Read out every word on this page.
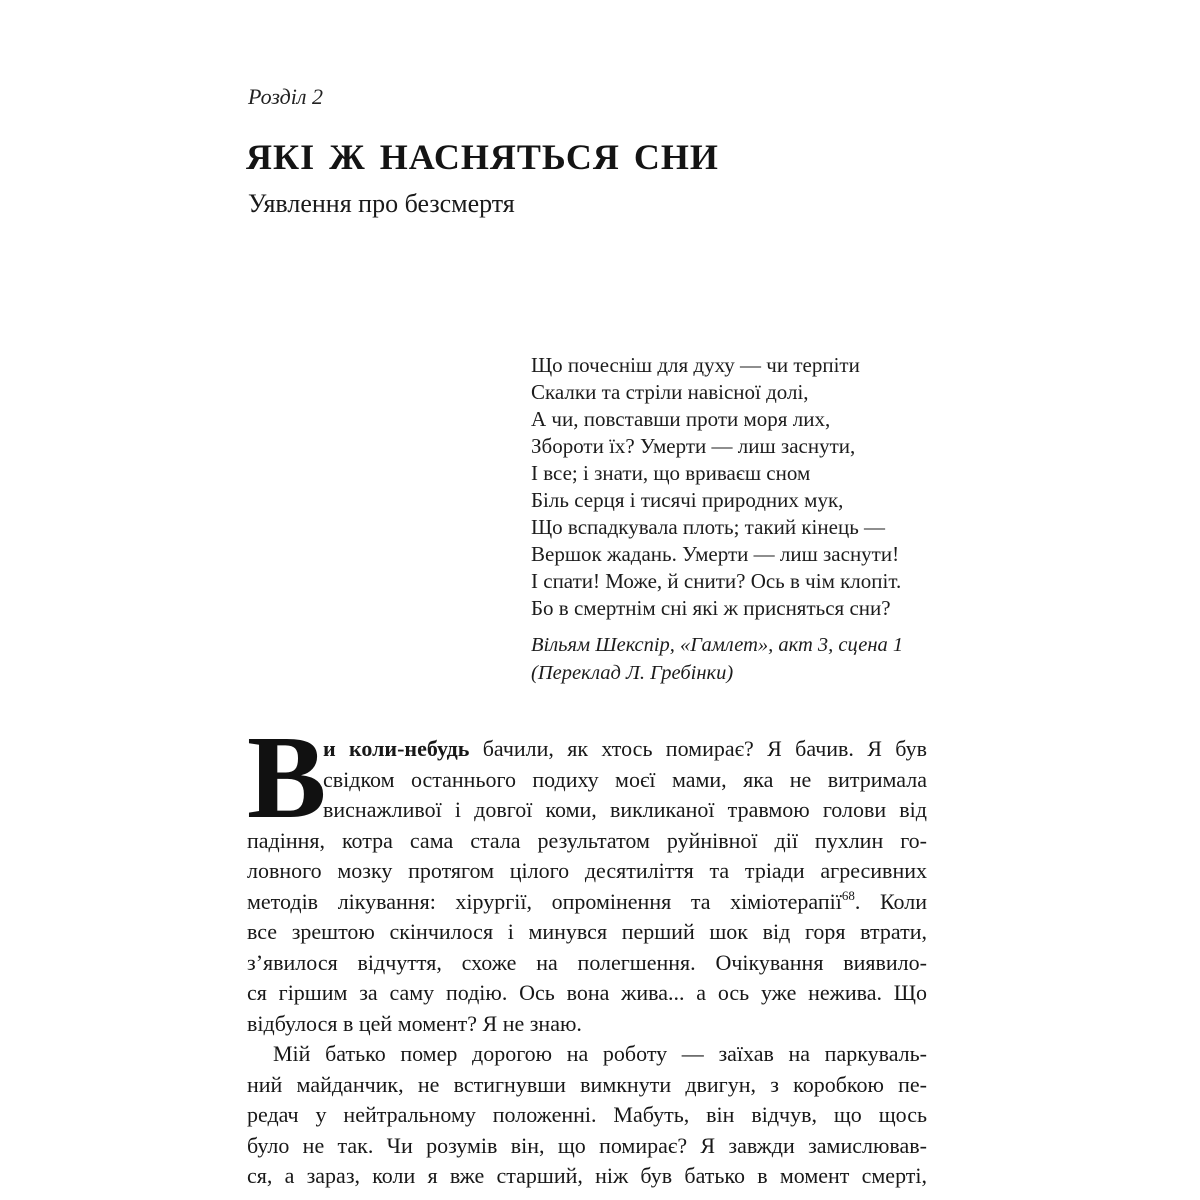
Розділ 2
ЯКІ Ж НАСНЯТЬСЯ СНИ
Уявлення про безсмертя
Що почесніш для духу — чи терпіти
Скалки та стріли навісної долі,
А чи, повставши проти моря лих,
Збороти їх? Умерти — лиш заснути,
І все; і знати, що вриваєш сном
Біль серця і тисячі природних мук,
Що вспадкувала плоть; такий кінець —
Вершок жадань. Умерти — лиш заснути!
І спати! Може, й снити? Ось в чім клопіт.
Бо в смертнім сні які ж присняться сни?
Вільям Шекспір, «Гамлет», акт 3, сцена 1
(Переклад Л. Гребінки)
В
и коли-небудь бачили, як хтось помирає? Я бачив. Я був
свідком останнього подиху моєї мами, яка не витримала
виснажливої і довгої коми, викликаної травмою голови від
падіння, котра сама стала результатом руйнівної дії пухлин го-
ловного мозку протягом цілого десятиліття та тріади агресивних
методів лікування: хірургії, опромінення та хіміотерапії$^{68}$. Коли
все зрештою скінчилося і минувся перший шок від горя втрати,
з’явилося відчуття, схоже на полегшення. Очікування виявило-
ся гіршим за саму подію. Ось вона жива... а ось уже нежива. Що
відбулося в цей момент? Я не знаю.
Мій батько помер дорогою на роботу — заїхав на паркуваль-
ний майданчик, не встигнувши вимкнути двигун, з коробкою пе-
редач у нейтральному положенні. Мабуть, він відчув, що щось
було не так. Чи розумів він, що помирає? Я завжди замислював-
ся, а зараз, коли я вже старший, ніж був батько в момент смерті,
